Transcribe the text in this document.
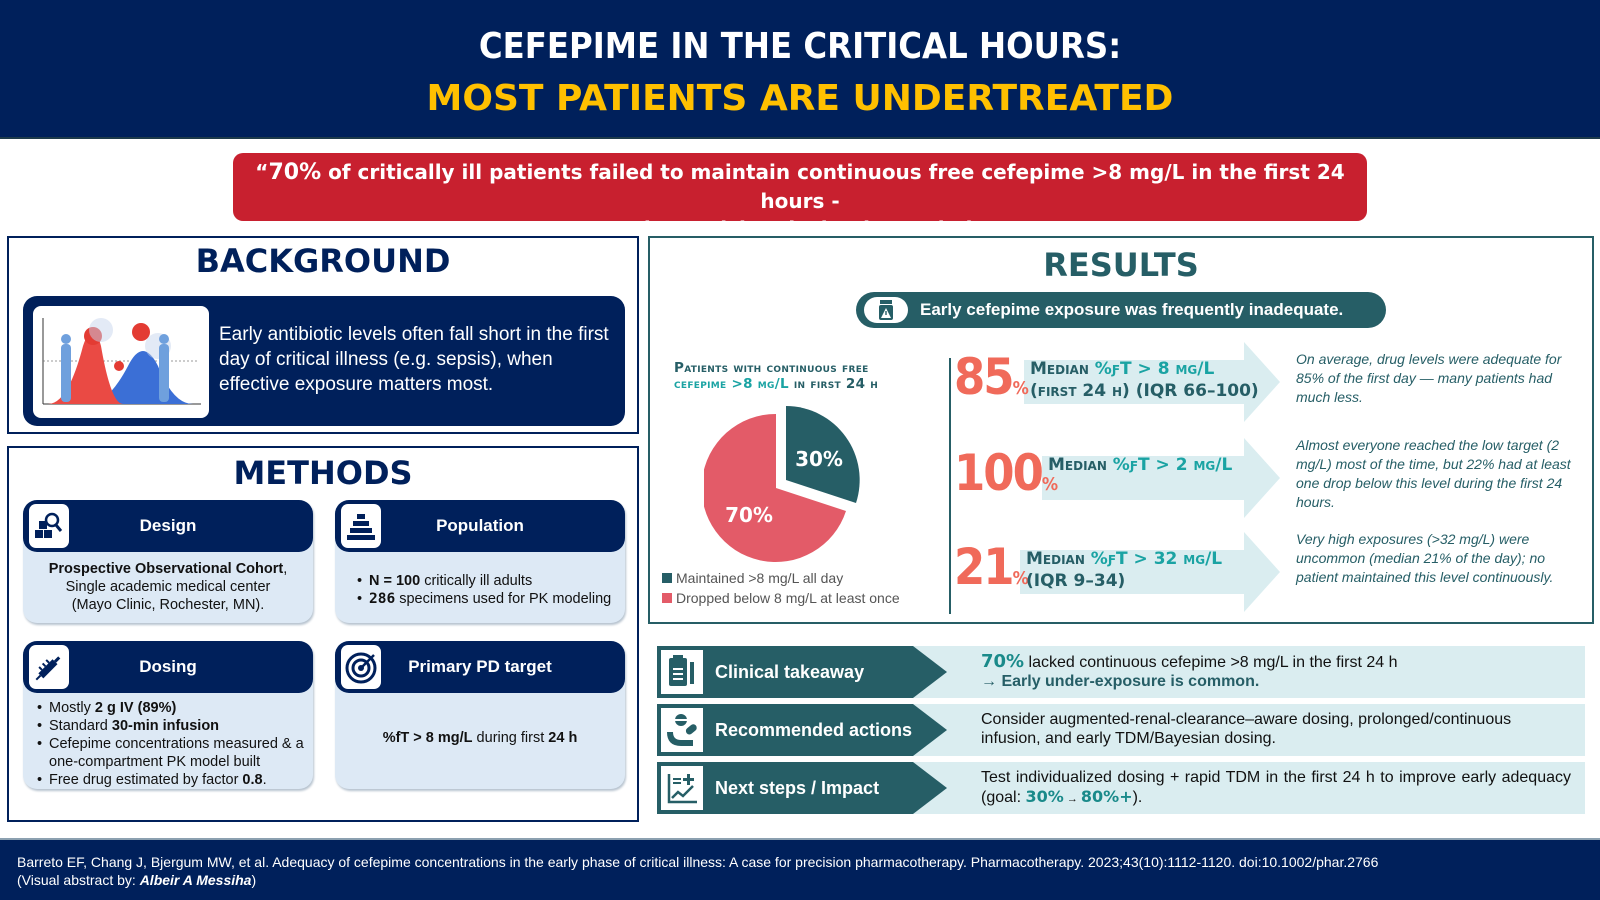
CEFEPIME IN THE CRITICAL HOURS:
MOST PATIENTS ARE UNDERTREATED
“70% of critically ill patients failed to maintain continuous free cefepime >8 mg/L in the first 24 hours -
Early precision dosing is needed.”
BACKGROUND
Early antibiotic levels often fall short in the first day of critical illness (e.g. sepsis), when effective exposure matters most.
METHODS
Design
Prospective Observational Cohort,
Single academic medical center
(Mayo Clinic, Rochester, MN).
Population
• N = 100 critically ill adults
• 286 specimens used for PK modeling
Dosing
• Mostly 2 g IV (89%)
• Standard 30-min infusion
• Cefepime concentrations measured & a one-compartment PK model built
• Free drug estimated by factor 0.8.
Primary PD target
%fT > 8 mg/L during first 24 h
RESULTS
Early cefepime exposure was frequently inadequate.
Patients with continuous free
cefepime >8 mg/L in first 24 h
30%
70%
Maintained >8 mg/L all day
Dropped below 8 mg/L at least once
85%
Median %ƒT > 8 mg/L
(first 24 h) (IQR 66–100)
On average, drug levels were adequate for 85% of the first day — many patients had much less.
100%
Median %ƒT > 2 mg/L
Almost everyone reached the low target (2 mg/L) most of the time, but 22% had at least one drop below this level during the first 24 hours.
21%
Median %ƒT > 32 mg/L
(IQR 9–34)
Very high exposures (>32 mg/L) were uncommon (median 21% of the day); no patient maintained this level continuously.
Clinical takeaway	70% lacked continuous cefepime >8 mg/L in the first 24 h
→ Early under-exposure is common.
Recommended actions
Consider augmented-renal-clearance–aware dosing, prolonged/continuous infusion, and early TDM/Bayesian dosing.
Next steps / Impact
Test individualized dosing + rapid TDM in the first 24 h to improve early adequacy (goal: 30% → 80%+).
Barreto EF, Chang J, Bjergum MW, et al. Adequacy of cefepime concentrations in the early phase of critical illness: A case for precision pharmacotherapy. Pharmacotherapy. 2023;43(10):1112-1120. doi:10.1002/phar.2766
(Visual abstract by: Albeir A Messiha)
